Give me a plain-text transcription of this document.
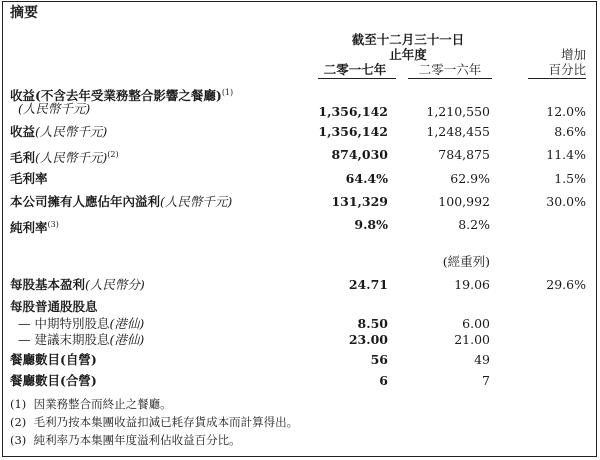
摘要
截至十二月三十一日
止年度
二零一七年	二零一六年
增加
百分比
收益(不含去年受業務整合影響之餐廳)$^{(1)}$
(人民幣千元)	1,356,142	1,210,550	12.0%
收益(人民幣千元)	1,356,142	1,248,455	8.6%
毛利(人民幣千元)$^{(2)}$	874,030	784,875	11.4%
毛利率	64.4%	62.9%	1.5%
本公司擁有人應佔年內溢利(人民幣千元)	131,329	100,992	30.0%
純利率$^{(3)}$	9.8%	8.2%
(經重列)
每股基本盈利(人民幣分)	24.71	19.06	29.6%
每股普通股股息
— 中期特別股息(港仙)	8.50	6.00
— 建議末期股息(港仙)	23.00	21.00
餐廳數目(自營)	56	49
餐廳數目(合營)	6	7
(1) 因業務整合而終止之餐廳。
(2) 毛利乃按本集團收益扣減已耗存貨成本而計算得出。
(3) 純利率乃本集團年度溢利佔收益百分比。
